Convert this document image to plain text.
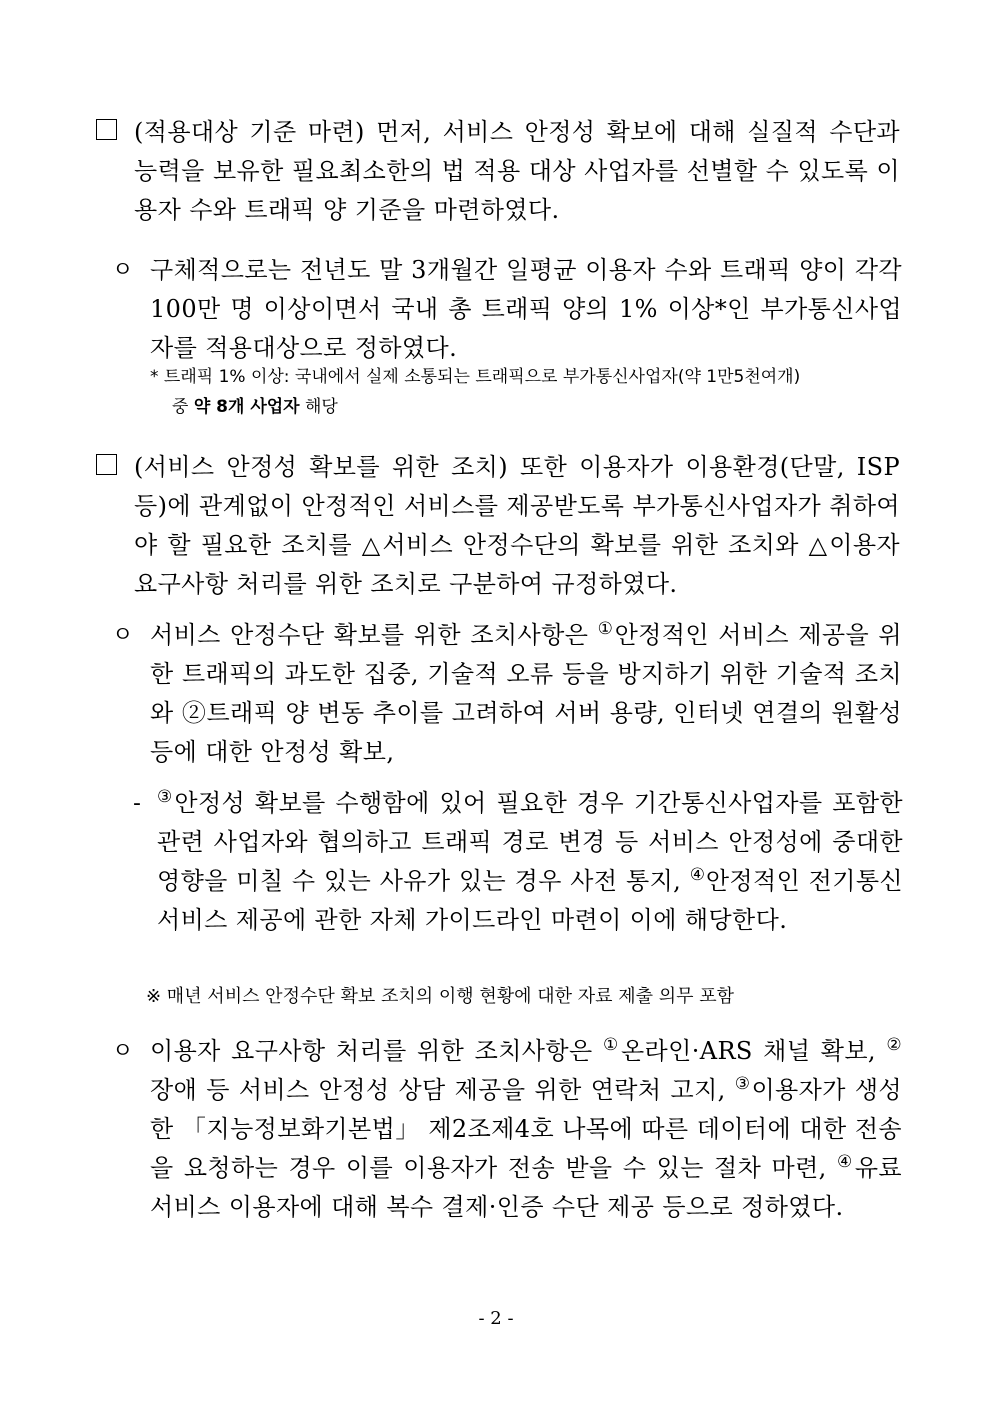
(적용대상 기준 마련) 먼저, 서비스 안정성 확보에 대해 실질적 수단과 능력을 보유한 필요최소한의 법 적용 대상 사업자를 선별할 수 있도록 이용자 수와 트래픽 양 기준을 마련하였다.
ㅇ 구체적으로는 전년도 말 3개월간 일평균 이용자 수와 트래픽 양이 각각 100만 명 이상이면서 국내 총 트래픽 양의 1% 이상*인 부가통신사업자를 적용대상으로 정하였다.
* 트래픽 1% 이상: 국내에서 실제 소통되는 트래픽으로 부가통신사업자(약 1만5천여개)
중 약 8개 사업자 해당
(서비스 안정성 확보를 위한 조치) 또한 이용자가 이용환경(단말, ISP 등)에 관계없이 안정적인 서비스를 제공받도록 부가통신사업자가 취하여야 할 필요한 조치를 △서비스 안정수단의 확보를 위한 조치와 △이용자 요구사항 처리를 위한 조치로 구분하여 규정하였다.
ㅇ 서비스 안정수단 확보를 위한 조치사항은 ①안정적인 서비스 제공을 위한 트래픽의 과도한 집중, 기술적 오류 등을 방지하기 위한 기술적 조치와 ②트래픽 양 변동 추이를 고려하여 서버 용량, 인터넷 연결의 원활성 등에 대한 안정성 확보,
- ③안정성 확보를 수행함에 있어 필요한 경우 기간통신사업자를 포함한 관련 사업자와 협의하고 트래픽 경로 변경 등 서비스 안정성에 중대한 영향을 미칠 수 있는 사유가 있는 경우 사전 통지, ④안정적인 전기통신서비스 제공에 관한 자체 가이드라인 마련이 이에 해당한다.
※ 매년 서비스 안정수단 확보 조치의 이행 현황에 대한 자료 제출 의무 포함
ㅇ 이용자 요구사항 처리를 위한 조치사항은 ①온라인·ARS 채널 확보, ②장애 등 서비스 안정성 상담 제공을 위한 연락처 고지, ③이용자가 생성한 「지능정보화기본법」 제2조제4호 나목에 따른 데이터에 대한 전송을 요청하는 경우 이를 이용자가 전송 받을 수 있는 절차 마련, ④유료 서비스 이용자에 대해 복수 결제·인증 수단 제공 등으로 정하였다.
- 2 -
